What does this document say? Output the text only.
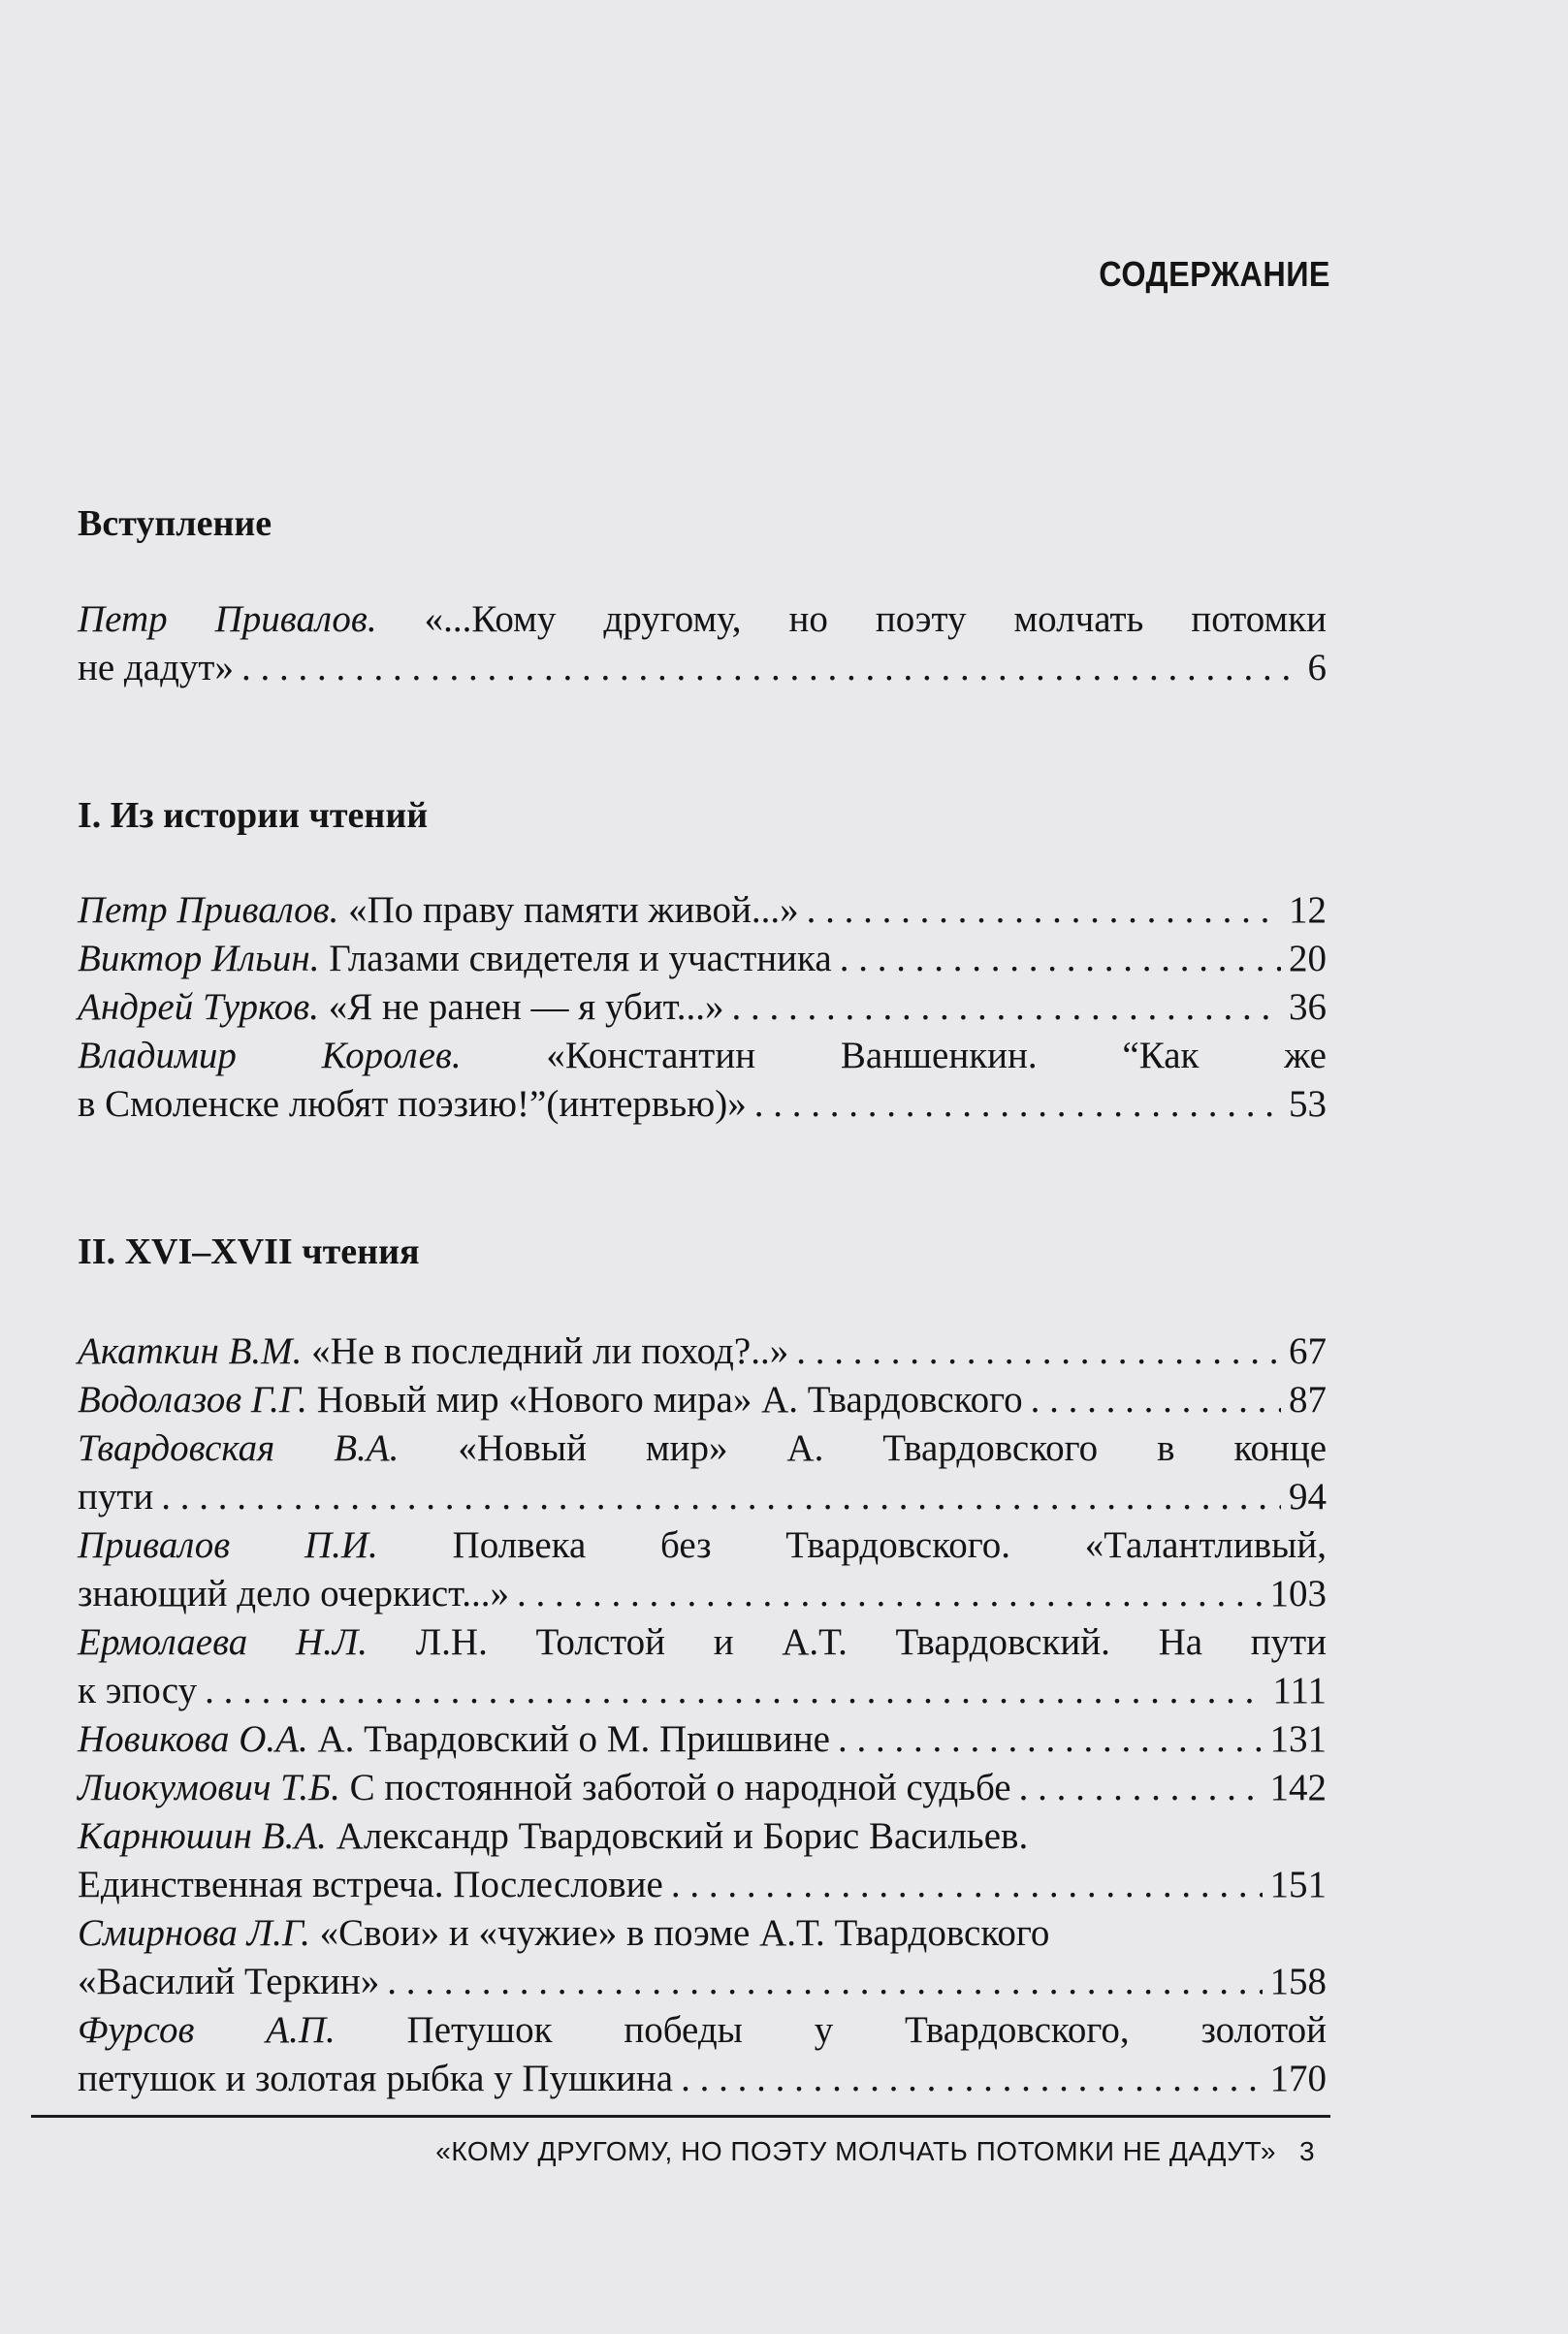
СОДЕРЖАНИЕ
Вступление
Петр Привалов. «...Кому другому, но поэту молчать потомки
не дадут» . . .	6
I. Из истории чтений
Петр Привалов. «По праву памяти живой...» . . .	12
Виктор Ильин. Глазами свидетеля и участника . . .	20
Андрей Турков. «Я не ранен — я убит...» . . .	36
Владимир Королев. «Константин Ваншенкин. “Как же
в Смоленске любят поэзию!”(интервью)» . . .	53
II. XVI–XVII чтения
Акаткин В.М. «Не в последний ли поход?..» . . .	67
Водолазов Г.Г. Новый мир «Нового мира» А. Твардовского . . .	87
Твардовская В.А. «Новый мир» А. Твардовского в конце
пути . . .	94
Привалов П.И. Полвека без Твардовского. «Талантливый,
знающий дело очеркист...» . . .	103
Ермолаева Н.Л. Л.Н. Толстой и А.Т. Твардовский. На пути
к эпосу . . .	111
Новикова О.А. А. Твардовский о М. Пришвине . . .	131
Лиокумович Т.Б. С постоянной заботой о народной судьбе . . .	142
Карнюшин В.А. Александр Твардовский и Борис Васильев.
Единственная встреча. Послесловие . . .	151
Смирнова Л.Г. «Свои» и «чужие» в поэме А.Т. Твардовского
«Василий Теркин» . . .	158
Фурсов А.П. Петушок победы у Твардовского, золотой
петушок и золотая рыбка у Пушкина . . .	170
«КОМУ ДРУГОМУ, НО ПОЭТУ МОЛЧАТЬ ПОТОМКИ НЕ ДАДУТ» 3
